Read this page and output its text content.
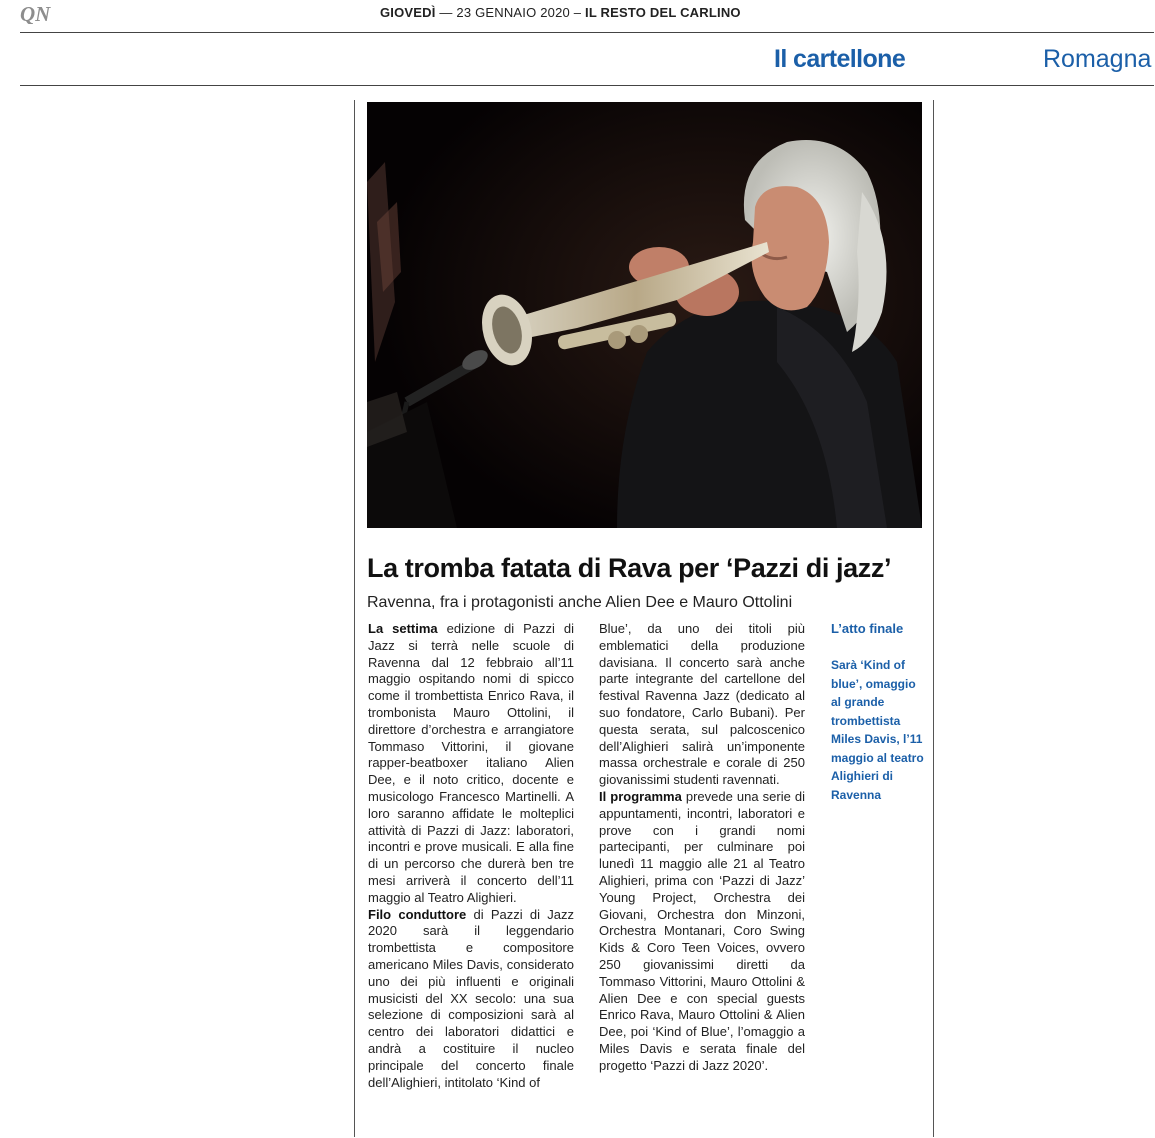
QN	GIOVEDÌ — 23 GENNAIO 2020 – IL RESTO DEL CARLINO
Il cartellone	Romagna
La tromba fatata di Rava per ‘Pazzi di jazz’
Ravenna, fra i protagonisti anche Alien Dee e Mauro Ottolini

La settima edizione di Pazzi di Jazz si terrà nelle scuole di Ravenna dal 12 febbraio all’11 maggio ospitando nomi di spicco come il trombettista Enrico Rava, il trombonista Mauro Ottolini, il direttore d’orchestra e arrangiatore Tommaso Vittorini, il giovane rapper-beatboxer italiano Alien Dee, e il noto critico, docente e musicologo Francesco Martinelli. A loro saranno affidate le molteplici attività di Pazzi di Jazz: laboratori, incontri e prove musicali. E alla fine di un percorso che durerà ben tre mesi arriverà il concerto dell’11 maggio al Teatro Alighieri.

Filo conduttore di Pazzi di Jazz 2020 sarà il leggendario trombettista e compositore americano Miles Davis, considerato uno dei più influenti e originali musicisti del XX secolo: una sua selezione di composizioni sarà al centro dei laboratori didattici e andrà a costituire il nucleo principale del concerto finale dell’Alighieri, intitolato ‘Kind of

Blue’, da uno dei titoli più emblematici della produzione davisiana. Il concerto sarà anche parte integrante del cartellone del festival Ravenna Jazz (dedicato al suo fondatore, Carlo Bubani). Per questa serata, sul palcoscenico dell’Alighieri salirà un’imponente massa orchestrale e corale di 250 giovanissimi studenti ravennati.

Il programma prevede una serie di appuntamenti, incontri, laboratori e prove con i grandi nomi partecipanti, per culminare poi lunedì 11 maggio alle 21 al Teatro Alighieri, prima con ‘Pazzi di Jazz’ Young Project, Orchestra dei Giovani, Orchestra don Minzoni, Orchestra Montanari, Coro Swing Kids & Coro Teen Voices, ovvero 250 giovanissimi diretti da Tommaso Vittorini, Mauro Ottolini & Alien Dee e con special guests Enrico Rava, Mauro Ottolini & Alien Dee, poi ‘Kind of Blue’, l’omaggio a Miles Davis e serata finale del progetto ‘Pazzi di Jazz 2020’.

L’atto finale
Sarà ‘Kind of blue’, omaggio al grande trombettista Miles Davis, l’11 maggio al teatro Alighieri di Ravenna
